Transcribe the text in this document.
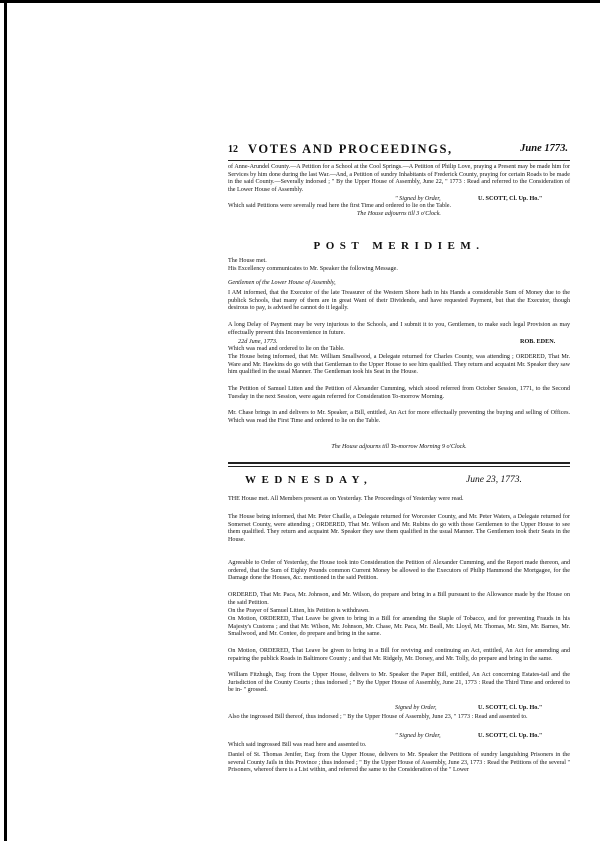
12 VOTES AND PROCEEDINGS,	June 1773.
of Anne-Arundel County.—A Petition for a School at the Cool Springs.—A Petition of Philip Love, praying a Present may be made him for Services by him done during the last War.—And, a Petition of sundry Inhabitants of Frederick County, praying for certain Roads to be made in the said County.—Severally indorsed ; " By the Upper House of Assembly, June 22, " 1773 : Read and referred to the Consideration of the Lower House of Assembly.
" Signed by Order,	U. SCOTT, Cl. Up. Ho."
Which said Petitions were severally read here the first Time and ordered to lie on the Table.
The House adjourns till 3 o'Clock.
POST MERIDIEM.
The House met.
His Excellency communicates to Mr. Speaker the following Message.
Gentlemen of the Lower House of Assembly,
I AM informed, that the Executor of the late Treasurer of the Western Shore hath in his Hands a considerable Sum of Money due to the publick Schools, that many of them are in great Want of their Dividends, and have requested Payment, but that the Executor, though desirous to pay, is advised he cannot do it legally.
A long Delay of Payment may be very injurious to the Schools, and I submit it to you, Gentlemen, to make such legal Provision as may effectually prevent this Inconvenience in future.
22d June, 1773.	ROB. EDEN.
Which was read and ordered to lie on the Table.
The House being informed, that Mr. William Smallwood, a Delegate returned for Charles County, was attending ; ORDERED, That Mr. Ware and Mr. Hawkins do go with that Gentleman to the Upper House to see him qualified. They return and acquaint Mr. Speaker they saw him qualified in the usual Manner. The Gentleman took his Seat in the House.
The Petition of Samuel Litten and the Petition of Alexander Cumming, which stood referred from October Session, 1771, to the Second Tuesday in the next Session, were again referred for Consideration To-morrow Morning.
Mr. Chase brings in and delivers to Mr. Speaker, a Bill, entitled, An Act for more effectually preventing the buying and selling of Offices. Which was read the First Time and ordered to lie on the Table.
The House adjourns till To-morrow Morning 9 o'Clock.
WEDNESDAY,	June 23, 1773.
THE House met. All Members present as on Yesterday. The Proceedings of Yesterday were read.
The House being informed, that Mr. Peter Chaille, a Delegate returned for Worcester County, and Mr. Peter Waters, a Delegate returned for Somerset County, were attending ; ORDERED, That Mr. Wilson and Mr. Rubins do go with those Gentlemen to the Upper House to see them qualified. They return and acquaint Mr. Speaker they saw them qualified in the usual Manner. The Gentlemen took their Seats in the House.
Agreeable to Order of Yesterday, the House took into Consideration the Petition of Alexander Cumming, and the Report made thereon, and ordered, that the Sum of Eighty Pounds common Current Money be allowed to the Executors of Philip Hammond the Mortgagee, for the Damage done the Houses, &c. mentioned in the said Petition.
ORDERED, That Mr. Paca, Mr. Johnson, and Mr. Wilson, do prepare and bring in a Bill pursuant to the Allowance made by the House on the said Petition.
On the Prayer of Samuel Litten, his Petition is withdrawn.
On Motion, ORDERED, That Leave be given to bring in a Bill for amending the Staple of Tobacco, and for preventing Frauds in his Majesty's Customs ; and that Mr. Wilson, Mr. Johnson, Mr. Chase, Mr. Paca, Mr. Beall, Mr. Lloyd, Mr. Thomas, Mr. Sim, Mr. Barnes, Mr. Smallwood, and Mr. Contee, do prepare and bring in the same.
On Motion, ORDERED, That Leave be given to bring in a Bill for reviving and continuing an Act, entitled, An Act for amending and repairing the publick Roads in Baltimore County ; and that Mr. Ridgely, Mr. Dorsey, and Mr. Tolly, do prepare and bring in the same.
William Fitzhugh, Esq; from the Upper House, delivers to Mr. Speaker the Paper Bill, entitled, An Act concerning Estates-tail and the Jurisdiction of the County Courts ; thus indorsed ; " By the Upper House of Assembly, June 21, 1773 : Read the Third Time and ordered to be in- " grossed.
Signed by Order,	U. SCOTT, Cl. Up. Ho."
Also the ingrossed Bill thereof, thus indorsed ; " By the Upper House of Assembly, June 23, " 1773 : Read and assented to.
" Signed by Order,	U. SCOTT, Cl. Up. Ho."
Which said ingrossed Bill was read here and assented to.
Daniel of St. Thomas Jenifer, Esq; from the Upper House, delivers to Mr. Speaker the Petitions of sundry languishing Prisoners in the several County Jails in this Province ; thus indorsed ; " By the Upper House of Assembly, June 23, 1773 : Read the Petitions of the several " Prisoners, whereof there is a List within, and referred the same to the Consideration of the " Lower
